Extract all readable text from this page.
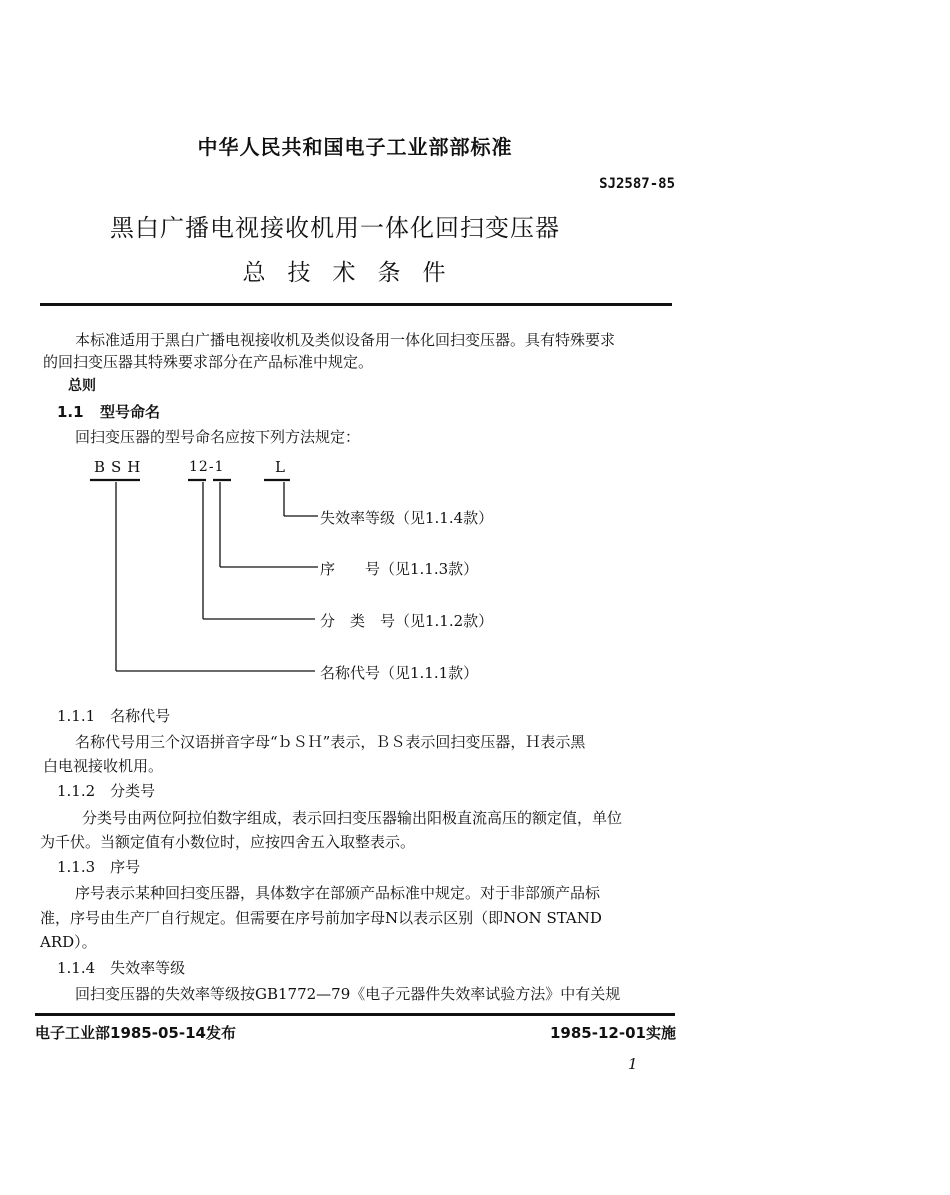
中华人民共和国电子工业部部标准
SJ2587-85
黑白广播电视接收机用一体化回扫变压器
总技术条件
本标准适用于黑白广播电视接收机及类似设备用一体化回扫变压器。具有特殊要求
的回扫变压器其特殊要求部分在产品标准中规定。
总则
1.1 型号命名
回扫变压器的型号命名应按下列方法规定：
BSH	12-1	L
失效率等级（见1.1.4款）
序　　号（见1.1.3款）
分　类　号（见1.1.2款）
名称代号（见1.1.1款）
1.1.1　名称代号
名称代号用三个汉语拼音字母“ｂＳＨ”表示，ＢＳ表示回扫变压器，Ｈ表示黑
白电视接收机用。
1.1.2　分类号
分类号由两位阿拉伯数字组成，表示回扫变压器输出阳极直流高压的额定值，单位
为千伏。当额定值有小数位时，应按四舍五入取整表示。
1.1.3　序号
序号表示某种回扫变压器，具体数字在部颁产品标准中规定。对于非部颁产品标
准，序号由生产厂自行规定。但需要在序号前加字母N以表示区别（即NON STAND
ARD）。
1.1.4　失效率等级
回扫变压器的失效率等级按GB1772—79《电子元器件失效率试验方法》中有关规
电子工业部1985-05-14发布	1985-12-01实施
1
